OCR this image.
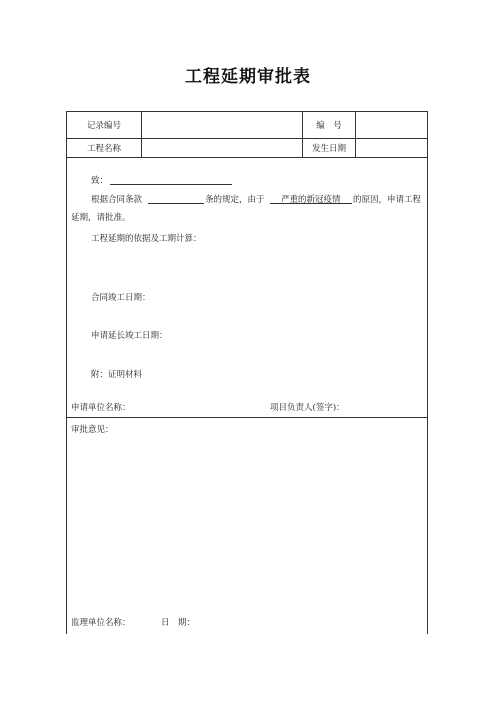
工程延期审批表
记录编号	编　号
工程名称	发生日期
致：
根据合同条款	条的规定，由于 严重的新冠疫情 的原因，申请工程
延期，请批准。
工程延期的依据及工期计算：
合同竣工日期：
申请延长竣工日期：
附：证明材料
申请单位名称：	项目负责人(签字)：
审批意见：
监理单位名称：	日　期：
